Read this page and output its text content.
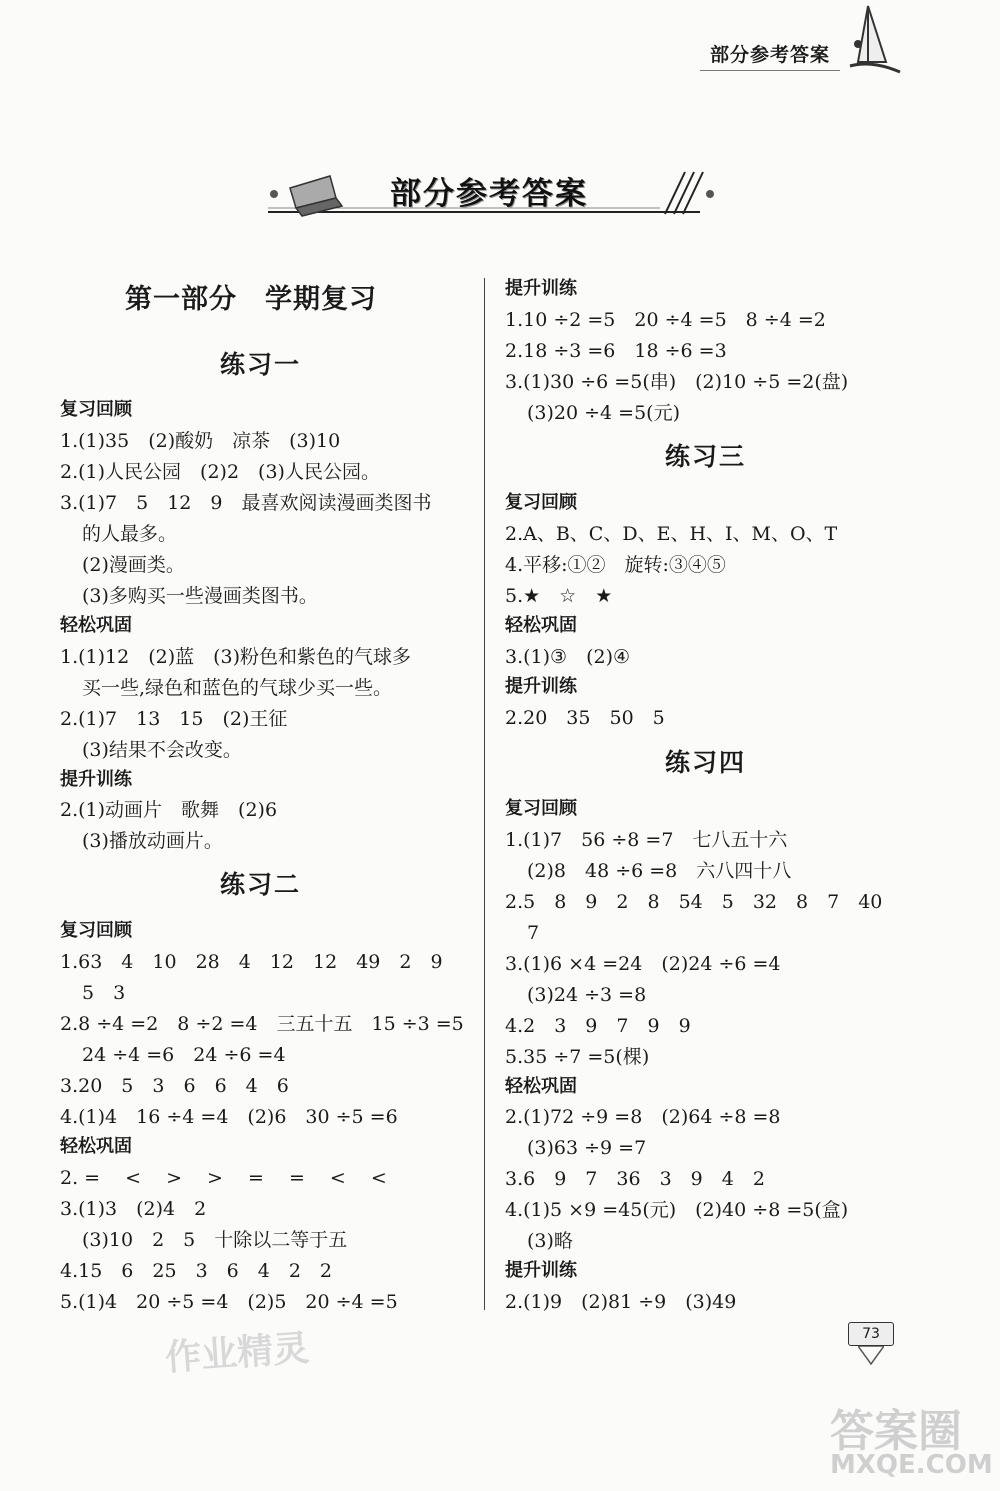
部分参考答案
部分参考答案
第一部分　学期复习
练习一
复习回顾
1.(1)35　(2)酸奶　凉茶　(3)10
2.(1)人民公园　(2)2　(3)人民公园。
3.(1)7　5　12　9　最喜欢阅读漫画类图书
的人最多。
(2)漫画类。
(3)多购买一些漫画类图书。
轻松巩固
1.(1)12　(2)蓝　(3)粉色和紫色的气球多
买一些,绿色和蓝色的气球少买一些。
2.(1)7　13　15　(2)王征
(3)结果不会改变。
提升训练
2.(1)动画片　歌舞　(2)6
(3)播放动画片。
练习二
复习回顾
1.63　4　10　28　4　12　12　49　2　9
5　3
2.8 ÷4 =2　8 ÷2 =4　三五十五　15 ÷3 =5
24 ÷4 =6　24 ÷6 =4
3.20　5　3　6　6　4　6
4.(1)4　16 ÷4 =4　(2)6　30 ÷5 =6
轻松巩固
2. =　 <　 >　 >　 =　 =　 <　 <
3.(1)3　(2)4　2
(3)10　2　5　十除以二等于五
4.15　6　25　3　6　4　2　2
5.(1)4　20 ÷5 =4　(2)5　20 ÷4 =5
提升训练
1.10 ÷2 =5　20 ÷4 =5　8 ÷4 =2
2.18 ÷3 =6　18 ÷6 =3
3.(1)30 ÷6 =5(串)　(2)10 ÷5 =2(盘)
(3)20 ÷4 =5(元)
练习三
复习回顾
2.A、B、C、D、E、H、I、M、O、T
4.平移:①②　旋转:③④⑤
5.★　☆　★
轻松巩固
3.(1)③　(2)④
提升训练
2.20　35　50　5
练习四
复习回顾
1.(1)7　56 ÷8 =7　七八五十六
(2)8　48 ÷6 =8　六八四十八
2.5　8　9　2　8　54　5　32　8　7　40
7
3.(1)6 ×4 =24　(2)24 ÷6 =4
(3)24 ÷3 =8
4.2　3　9　7　9　9
5.35 ÷7 =5(棵)
轻松巩固
2.(1)72 ÷9 =8　(2)64 ÷8 =8
(3)63 ÷9 =7
3.6　9　7　36　3　9　4　2
4.(1)5 ×9 =45(元)　(2)40 ÷8 =5(盒)
(3)略
提升训练
2.(1)9　(2)81 ÷9　(3)49
73
作业精灵
答案圈
MXQE.COM
